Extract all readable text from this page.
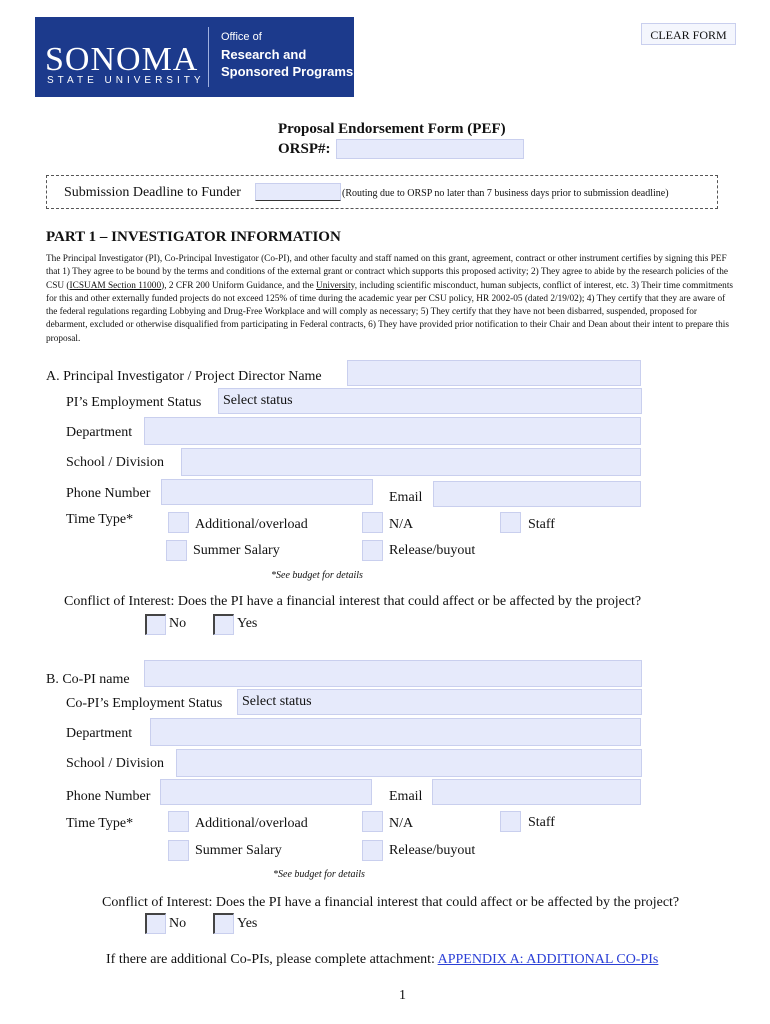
SONOMA
STATE UNIVERSITY
Office of
Research and
Sponsored Programs
CLEAR FORM
Proposal Endorsement Form (PEF)
ORSP#:
Submission Deadline to Funder	(Routing due to ORSP no later than 7 business days prior to submission deadline)
PART 1 – INVESTIGATOR INFORMATION
The Principal Investigator (PI), Co-Principal Investigator (Co-PI), and other faculty and staff named on this grant, agreement, contract or other instrument certifies by signing this PEF that 1) They agree to be bound by the terms and conditions of the external grant or contract which supports this proposed activity; 2) They agree to abide by the research policies of the CSU (ICSUAM Section 11000), 2 CFR 200 Uniform Guidance, and the University, including scientific misconduct, human subjects, conflict of interest, etc. 3) Their time commitments for this and other externally funded projects do not exceed 125% of time during the academic year per CSU policy, HR 2002-05 (dated 2/19/02); 4) They certify that they are aware of the federal regulations regarding Lobbying and Drug-Free Workplace and will comply as necessary; 5) They certify that they have not been disbarred, suspended, proposed for debarment, excluded or otherwise disqualified from participating in Federal contracts, 6) They have provided prior notification to their Chair and Dean about their intent to prepare this proposal.
A. Principal Investigator / Project Director Name
PI’s Employment Status	Select status
Department
School / Division
Phone Number	Email
Time Type*	Additional/overload	N/A	Staff
Summer Salary	Release/buyout
*See budget for details
Conflict of Interest: Does the PI have a financial interest that could affect or be affected by the project?
No	Yes
B. Co-PI name
Co-PI’s Employment Status	Select status
Department
School / Division
Phone Number	Email
Time Type*	Additional/overload	N/A	Staff
Summer Salary	Release/buyout
*See budget for details
Conflict of Interest: Does the PI have a financial interest that could affect or be affected by the project?
No	Yes
If there are additional Co-PIs, please complete attachment: APPENDIX A: ADDITIONAL CO-PIs
1
